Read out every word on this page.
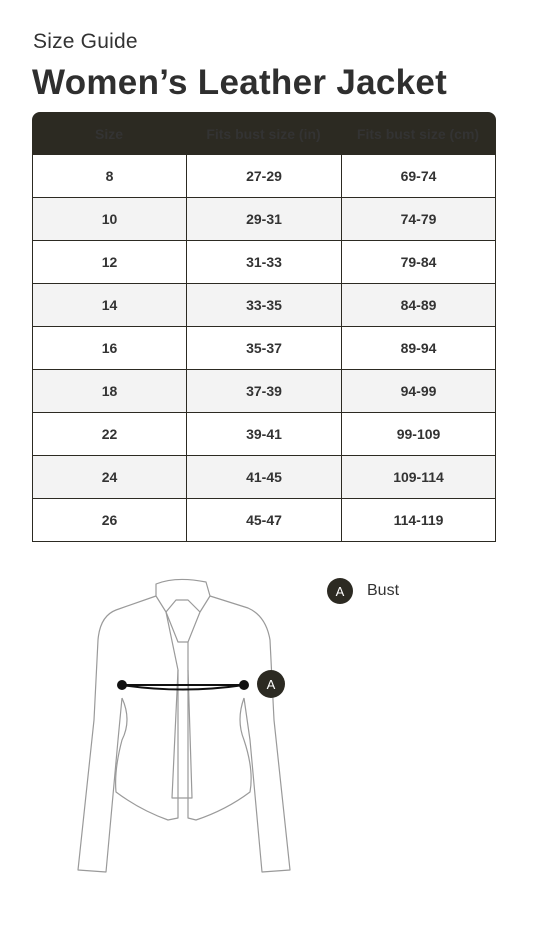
Size Guide
Women’s Leather Jacket
Size	Fits bust size (in)	Fits bust size (cm)
8	27-29	69-74
10	29-31	74-79
12	31-33	79-84
14	33-35	84-89
16	35-37	89-94
18	37-39	94-99
22	39-41	99-109
24	41-45	109-114
26	45-47	114-119
A
A	Bust
